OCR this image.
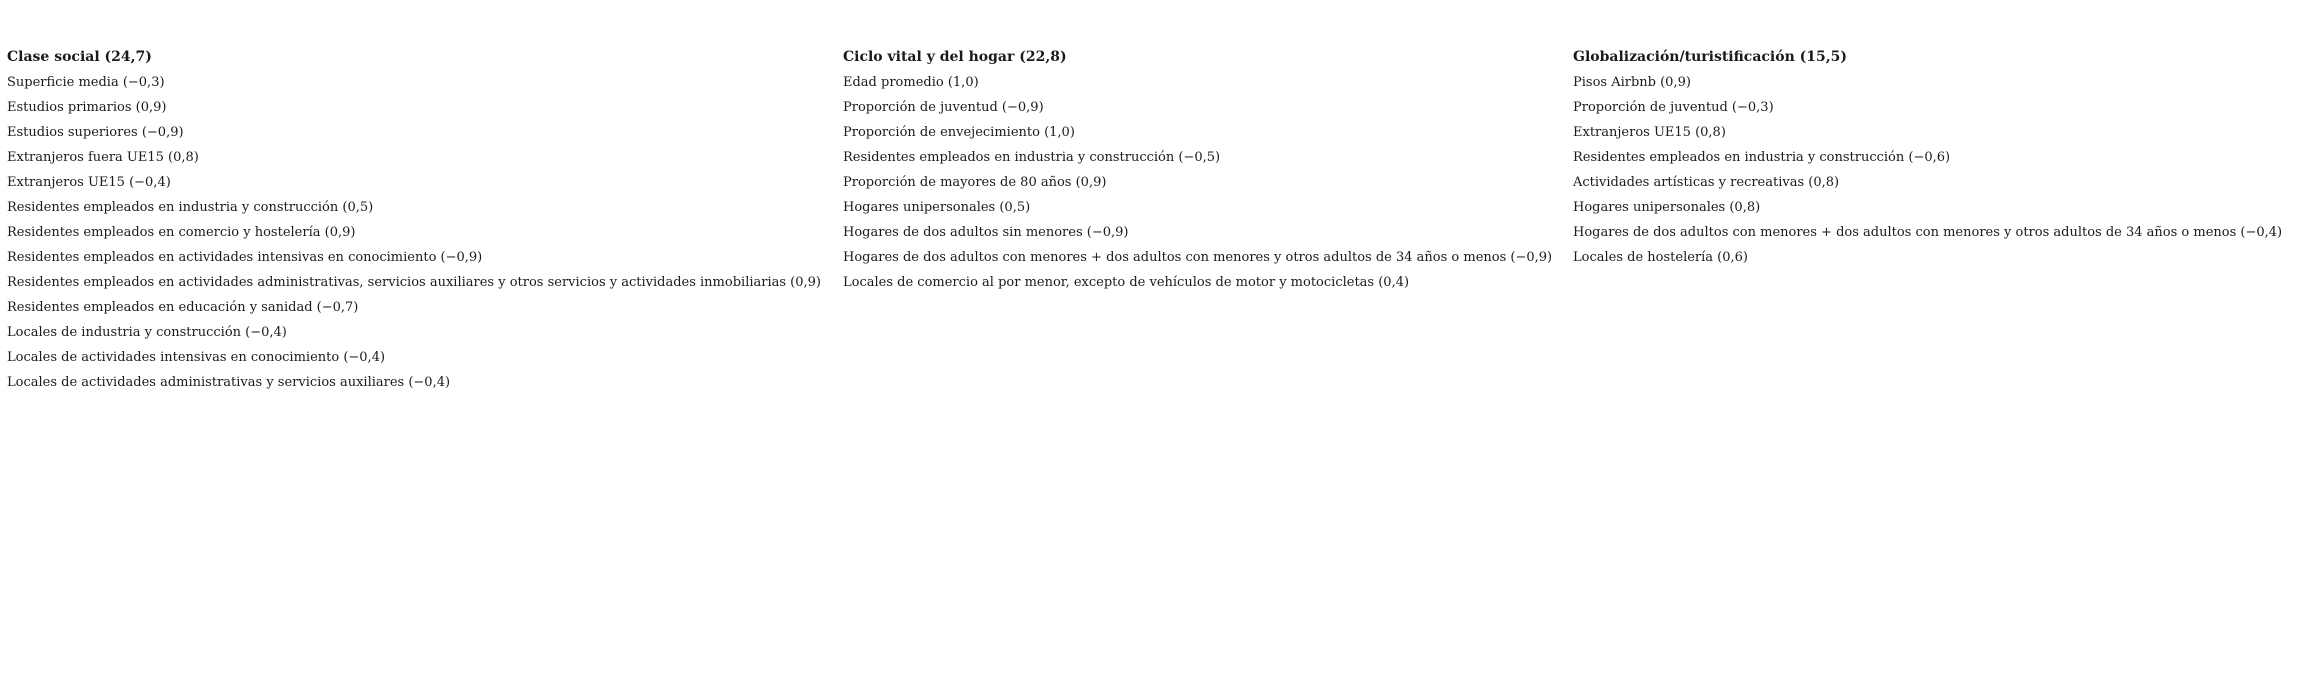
Clase social (24,7)
Superficie media (−0,3)
Estudios primarios (0,9)
Estudios superiores (−0,9)
Extranjeros fuera UE15 (0,8)
Extranjeros UE15 (−0,4)
Residentes empleados en industria y construcción (0,5)
Residentes empleados en comercio y hostelería (0,9)
Residentes empleados en actividades intensivas en conocimiento (−0,9)
Residentes empleados en actividades administrativas, servicios auxiliares y otros servicios y actividades inmobiliarias (0,9)
Residentes empleados en educación y sanidad (−0,7)
Locales de industria y construcción (−0,4)
Locales de actividades intensivas en conocimiento (−0,4)
Locales de actividades administrativas y servicios auxiliares (−0,4)
Ciclo vital y del hogar (22,8)
Edad promedio (1,0)
Proporción de juventud (−0,9)
Proporción de envejecimiento (1,0)
Residentes empleados en industria y construcción (−0,5)
Proporción de mayores de 80 años (0,9)
Hogares unipersonales (0,5)
Hogares de dos adultos sin menores (−0,9)
Hogares de dos adultos con menores + dos adultos con menores y otros adultos de 34 años o menos (−0,9)
Locales de comercio al por menor, excepto de vehículos de motor y motocicletas (0,4)
Globalización/turistificación (15,5)
Pisos Airbnb (0,9)
Proporción de juventud (−0,3)
Extranjeros UE15 (0,8)
Residentes empleados en industria y construcción (−0,6)
Actividades artísticas y recreativas (0,8)
Hogares unipersonales (0,8)
Hogares de dos adultos con menores + dos adultos con menores y otros adultos de 34 años o menos (−0,4)
Locales de hostelería (0,6)
